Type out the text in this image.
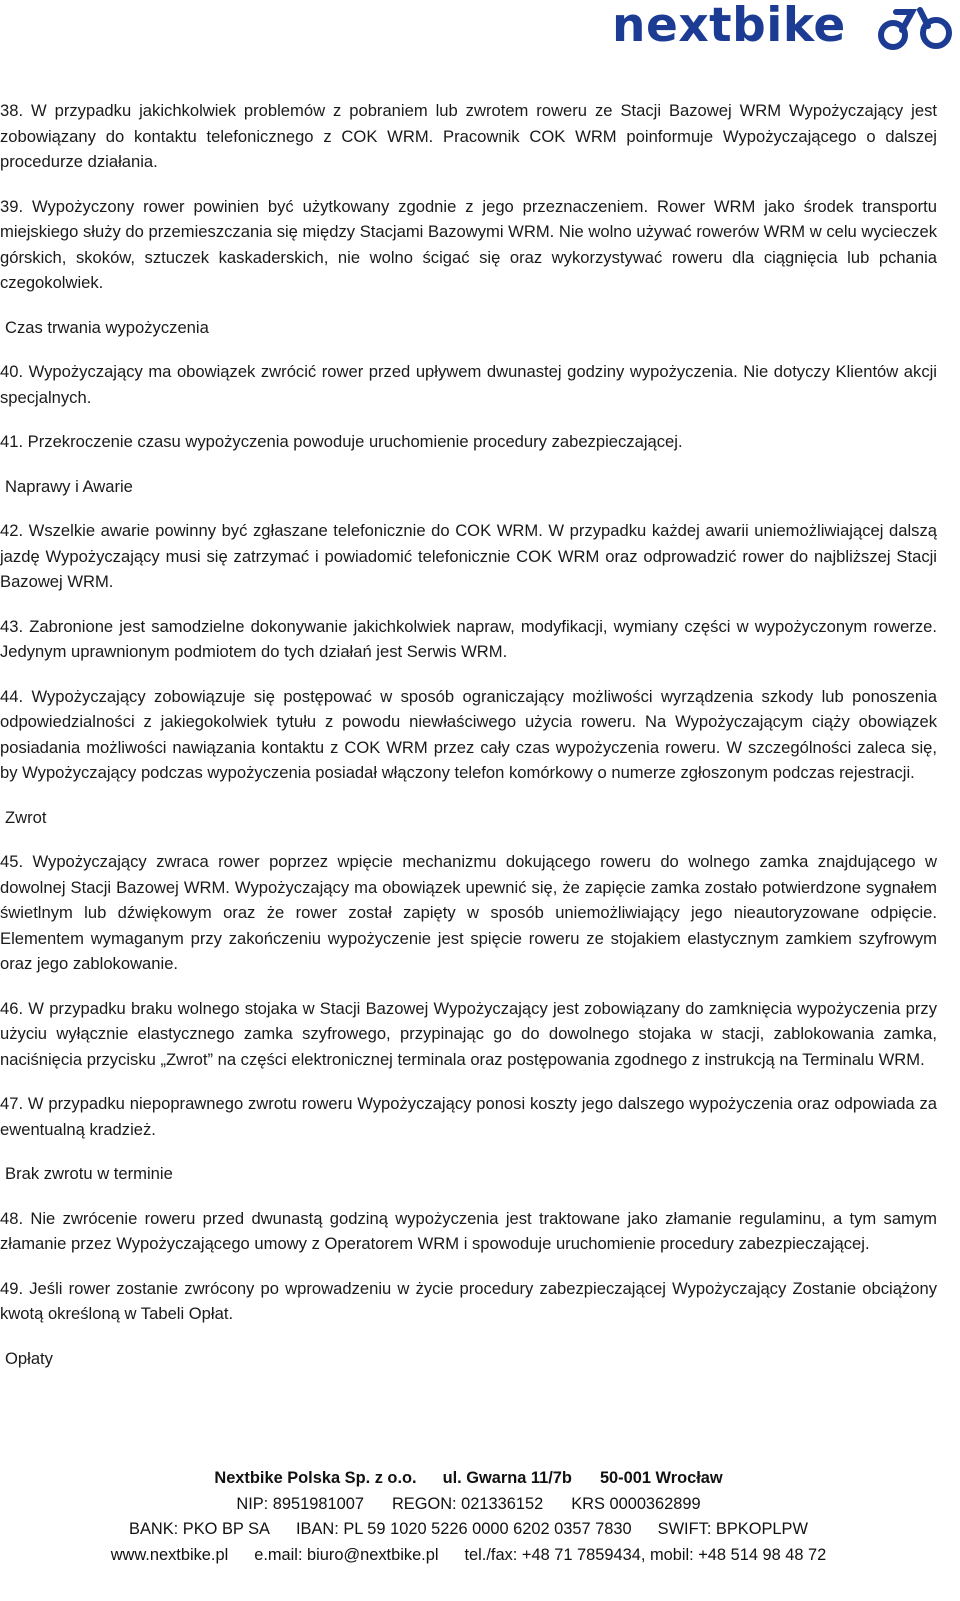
nextbike

38. W przypadku jakichkolwiek problemów z pobraniem lub zwrotem roweru ze Stacji Bazowej WRM Wypożyczający jest zobowiązany do kontaktu telefonicznego z COK WRM. Pracownik COK WRM poinformuje Wypożyczającego o dalszej procedurze działania.

39. Wypożyczony rower powinien być użytkowany zgodnie z jego przeznaczeniem. Rower WRM jako środek transportu miejskiego służy do przemieszczania się między Stacjami Bazowymi WRM. Nie wolno używać rowerów WRM w celu wycieczek górskich, skoków, sztuczek kaskaderskich, nie wolno ścigać się oraz wykorzystywać roweru dla ciągnięcia lub pchania czegokolwiek.

Czas trwania wypożyczenia

40. Wypożyczający ma obowiązek zwrócić rower przed upływem dwunastej godziny wypożyczenia. Nie dotyczy Klientów akcji specjalnych.

41. Przekroczenie czasu wypożyczenia powoduje uruchomienie procedury zabezpieczającej.

Naprawy i Awarie

42. Wszelkie awarie powinny być zgłaszane telefonicznie do COK WRM. W przypadku każdej awarii uniemożliwiającej dalszą jazdę Wypożyczający musi się zatrzymać i powiadomić telefonicznie COK WRM oraz odprowadzić rower do najbliższej Stacji Bazowej WRM.

43. Zabronione jest samodzielne dokonywanie jakichkolwiek napraw, modyfikacji, wymiany części w wypożyczonym rowerze. Jedynym uprawnionym podmiotem do tych działań jest Serwis WRM.

44. Wypożyczający zobowiązuje się postępować w sposób ograniczający możliwości wyrządzenia szkody lub ponoszenia odpowiedzialności z jakiegokolwiek tytułu z powodu niewłaściwego użycia roweru. Na Wypożyczającym ciąży obowiązek posiadania możliwości nawiązania kontaktu z COK WRM przez cały czas wypożyczenia roweru. W szczególności zaleca się, by Wypożyczający podczas wypożyczenia posiadał włączony telefon komórkowy o numerze zgłoszonym podczas rejestracji.

Zwrot

45. Wypożyczający zwraca rower poprzez wpięcie mechanizmu dokującego roweru do wolnego zamka znajdującego w dowolnej Stacji Bazowej WRM. Wypożyczający ma obowiązek upewnić się, że zapięcie zamka zostało potwierdzone sygnałem świetlnym lub dźwiękowym oraz że rower został zapięty w sposób uniemożliwiający jego nieautoryzowane odpięcie. Elementem wymaganym przy zakończeniu wypożyczenie jest spięcie roweru ze stojakiem elastycznym zamkiem szyfrowym oraz jego zablokowanie.

46. W przypadku braku wolnego stojaka w Stacji Bazowej Wypożyczający jest zobowiązany do zamknięcia wypożyczenia przy użyciu wyłącznie elastycznego zamka szyfrowego, przypinając go do dowolnego stojaka w stacji, zablokowania zamka, naciśnięcia przycisku „Zwrot” na części elektronicznej terminala oraz postępowania zgodnego z instrukcją na Terminalu WRM.

47. W przypadku niepoprawnego zwrotu roweru Wypożyczający ponosi koszty jego dalszego wypożyczenia oraz odpowiada za ewentualną kradzież.

Brak zwrotu w terminie

48. Nie zwrócenie roweru przed dwunastą godziną wypożyczenia jest traktowane jako złamanie regulaminu, a tym samym złamanie przez Wypożyczającego umowy z Operatorem WRM i spowoduje uruchomienie procedury zabezpieczającej.

49. Jeśli rower zostanie zwrócony po wprowadzeniu w życie procedury zabezpieczającej Wypożyczający Zostanie obciążony kwotą określoną w Tabeli Opłat.

Opłaty

Nextbike Polska Sp. z o.o. ul. Gwarna 11/7b 50-001 Wrocław
NIP: 8951981007 REGON: 021336152 KRS 0000362899
BANK: PKO BP SA IBAN: PL 59 1020 5226 0000 6202 0357 7830 SWIFT: BPKOPLPW
www.nextbike.pl e.mail: biuro@nextbike.pl tel./fax: +48 71 7859434, mobil: +48 514 98 48 72
